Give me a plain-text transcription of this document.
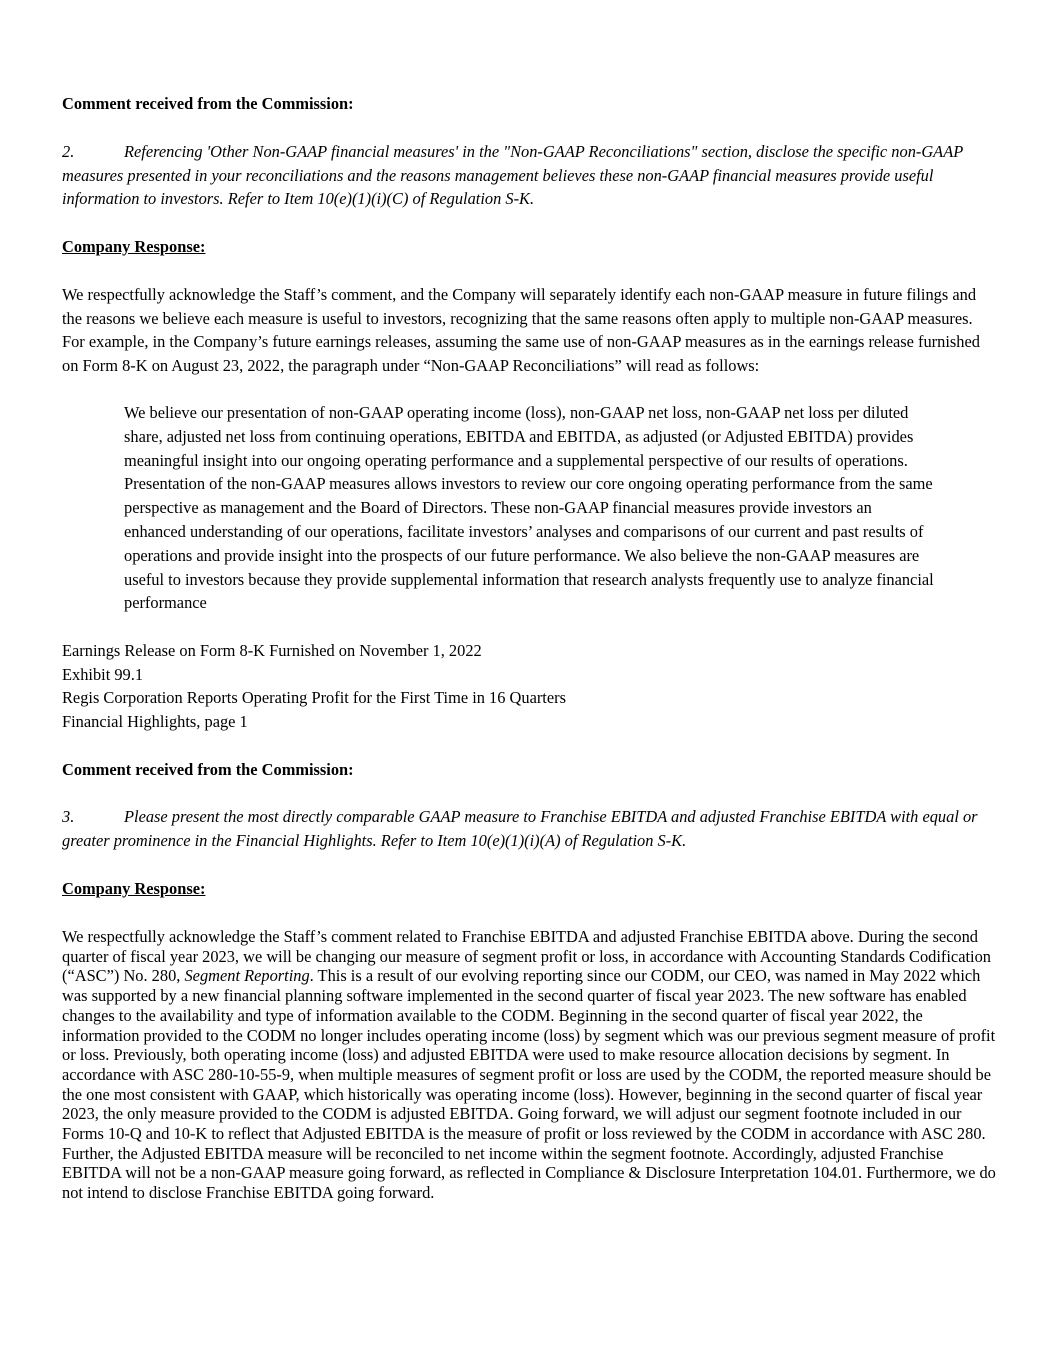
Comment received from the Commission:

2.	Referencing 'Other Non-GAAP financial measures' in the "Non-GAAP Reconciliations" section, disclose the specific non-GAAP measures presented in your reconciliations and the reasons management believes these non-GAAP financial measures provide useful information to investors. Refer to Item 10(e)(1)(i)(C) of Regulation S-K.

Company Response:

We respectfully acknowledge the Staff’s comment, and the Company will separately identify each non-GAAP measure in future filings and the reasons we believe each measure is useful to investors, recognizing that the same reasons often apply to multiple non-GAAP measures. For example, in the Company’s future earnings releases, assuming the same use of non-GAAP measures as in the earnings release furnished on Form 8-K on August 23, 2022, the paragraph under “Non-GAAP Reconciliations” will read as follows:

We believe our presentation of non-GAAP operating income (loss), non-GAAP net loss, non-GAAP net loss per diluted share, adjusted net loss from continuing operations, EBITDA and EBITDA, as adjusted (or Adjusted EBITDA) provides meaningful insight into our ongoing operating performance and a supplemental perspective of our results of operations. Presentation of the non-GAAP measures allows investors to review our core ongoing operating performance from the same perspective as management and the Board of Directors. These non-GAAP financial measures provide investors an enhanced understanding of our operations, facilitate investors’ analyses and comparisons of our current and past results of operations and provide insight into the prospects of our future performance. We also believe the non-GAAP measures are useful to investors because they provide supplemental information that research analysts frequently use to analyze financial performance

Earnings Release on Form 8-K Furnished on November 1, 2022
Exhibit 99.1
Regis Corporation Reports Operating Profit for the First Time in 16 Quarters
Financial Highlights, page 1

Comment received from the Commission:

3.	Please present the most directly comparable GAAP measure to Franchise EBITDA and adjusted Franchise EBITDA with equal or greater prominence in the Financial Highlights. Refer to Item 10(e)(1)(i)(A) of Regulation S-K.

Company Response:

We respectfully acknowledge the Staff’s comment related to Franchise EBITDA and adjusted Franchise EBITDA above. During the second quarter of fiscal year 2023, we will be changing our measure of segment profit or loss, in accordance with Accounting Standards Codification (“ASC”) No. 280, Segment Reporting. This is a result of our evolving reporting since our CODM, our CEO, was named in May 2022 which was supported by a new financial planning software implemented in the second quarter of fiscal year 2023. The new software has enabled changes to the availability and type of information available to the CODM. Beginning in the second quarter of fiscal year 2022, the information provided to the CODM no longer includes operating income (loss) by segment which was our previous segment measure of profit or loss. Previously, both operating income (loss) and adjusted EBITDA were used to make resource allocation decisions by segment. In accordance with ASC 280-10-55-9, when multiple measures of segment profit or loss are used by the CODM, the reported measure should be the one most consistent with GAAP, which historically was operating income (loss). However, beginning in the second quarter of fiscal year 2023, the only measure provided to the CODM is adjusted EBITDA. Going forward, we will adjust our segment footnote included in our Forms 10-Q and 10-K to reflect that Adjusted EBITDA is the measure of profit or loss reviewed by the CODM in accordance with ASC 280. Further, the Adjusted EBITDA measure will be reconciled to net income within the segment footnote. Accordingly, adjusted Franchise EBITDA will not be a non-GAAP measure going forward, as reflected in Compliance & Disclosure Interpretation 104.01. Furthermore, we do not intend to disclose Franchise EBITDA going forward.
